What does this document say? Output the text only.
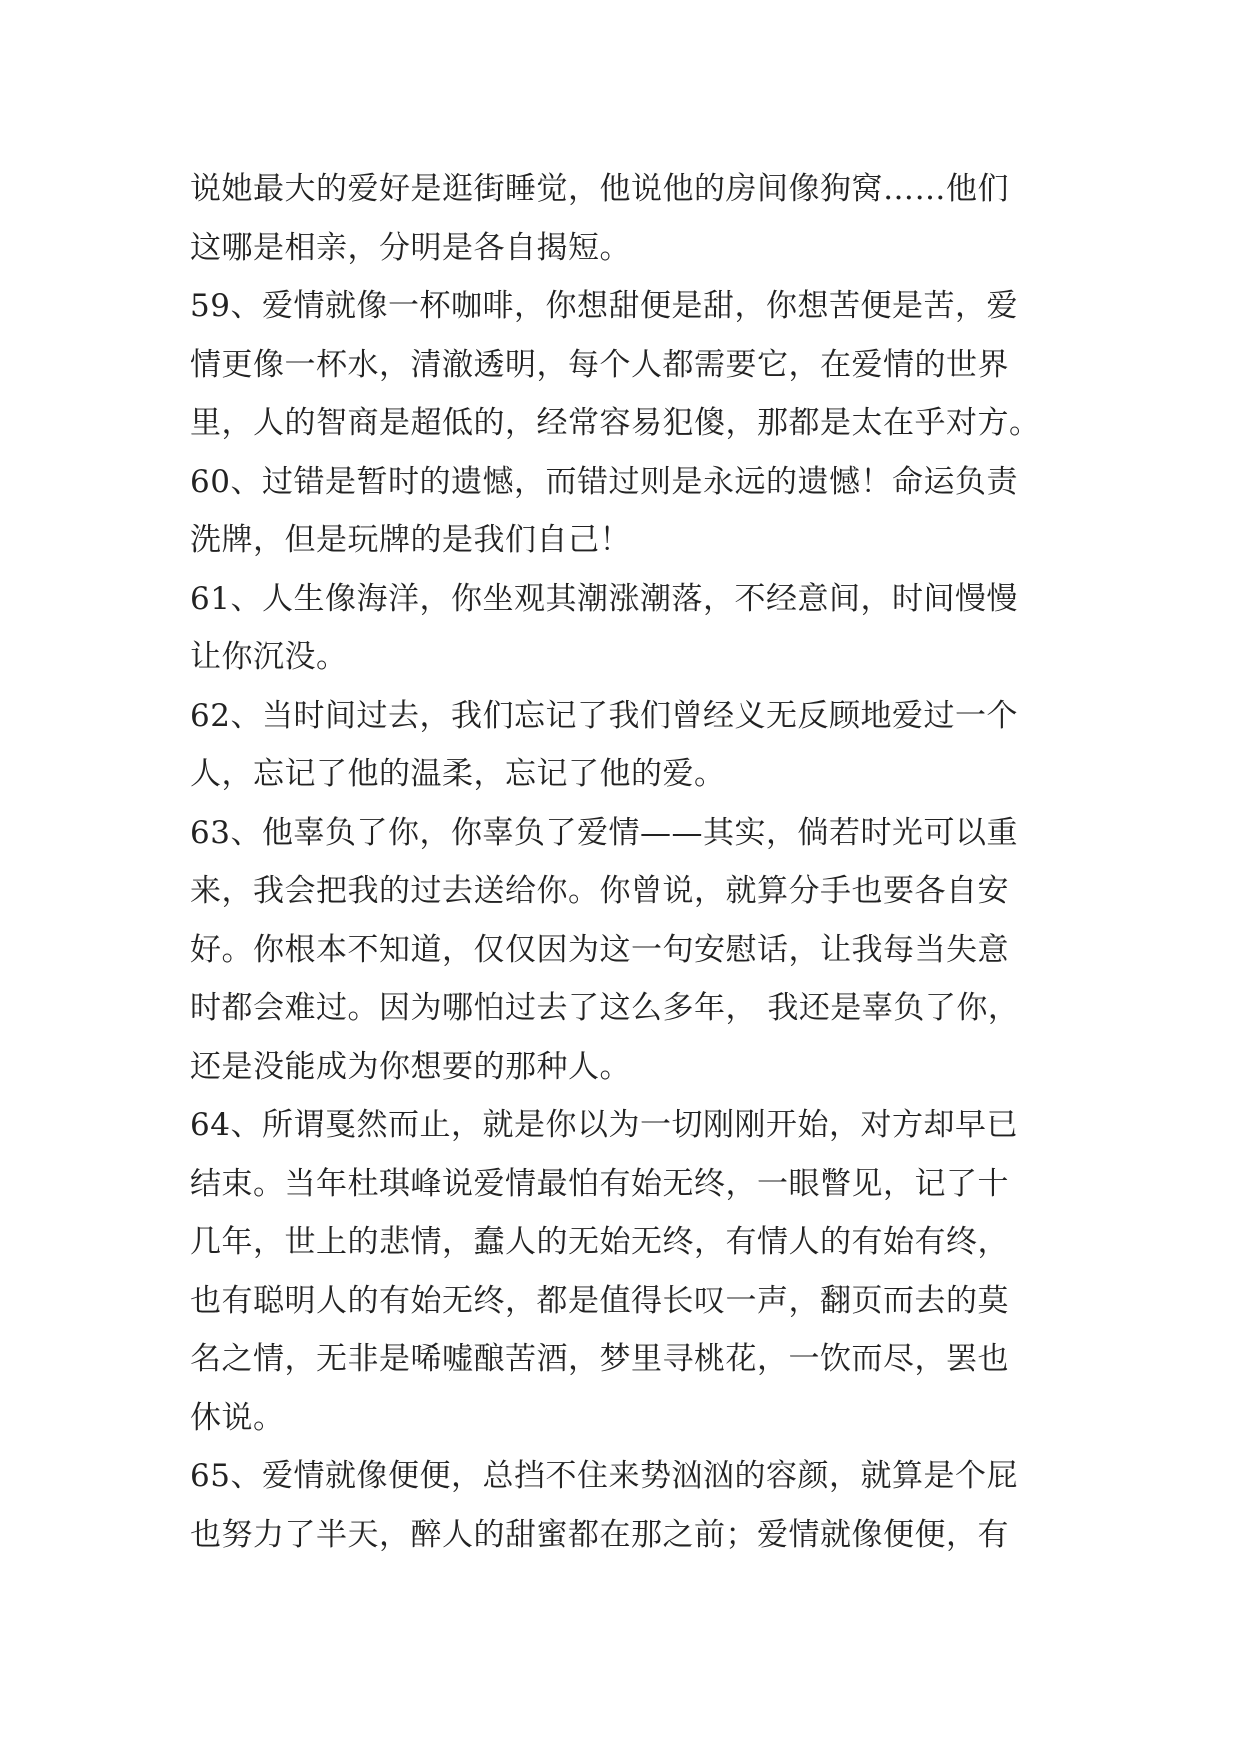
说她最大的爱好是逛街睡觉，他说他的房间像狗窝……他们
这哪是相亲，分明是各自揭短。

59、爱情就像一杯咖啡，你想甜便是甜，你想苦便是苦，爱
情更像一杯水，清澈透明，每个人都需要它，在爱情的世界
里，人的智商是超低的，经常容易犯傻，那都是太在乎对方。

60、过错是暂时的遗憾，而错过则是永远的遗憾！命运负责
洗牌，但是玩牌的是我们自己！

61、人生像海洋，你坐观其潮涨潮落，不经意间，时间慢慢
让你沉没。

62、当时间过去，我们忘记了我们曾经义无反顾地爱过一个
人，忘记了他的温柔，忘记了他的爱。

63、他辜负了你，你辜负了爱情——其实，倘若时光可以重
来，我会把我的过去送给你。你曾说，就算分手也要各自安
好。你根本不知道，仅仅因为这一句安慰话，让我每当失意
时都会难过。因为哪怕过去了这么多年， 我还是辜负了你，
还是没能成为你想要的那种人。

64、所谓戛然而止，就是你以为一切刚刚开始，对方却早已
结束。当年杜琪峰说爱情最怕有始无终，一眼瞥见，记了十
几年，世上的悲情，蠢人的无始无终，有情人的有始有终，
也有聪明人的有始无终，都是值得长叹一声，翻页而去的莫
名之情，无非是唏嘘酿苦酒，梦里寻桃花，一饮而尽，罢也
休说。

65、爱情就像便便，总挡不住来势汹汹的容颜，就算是个屁
也努力了半天，醉人的甜蜜都在那之前；爱情就像便便，有
